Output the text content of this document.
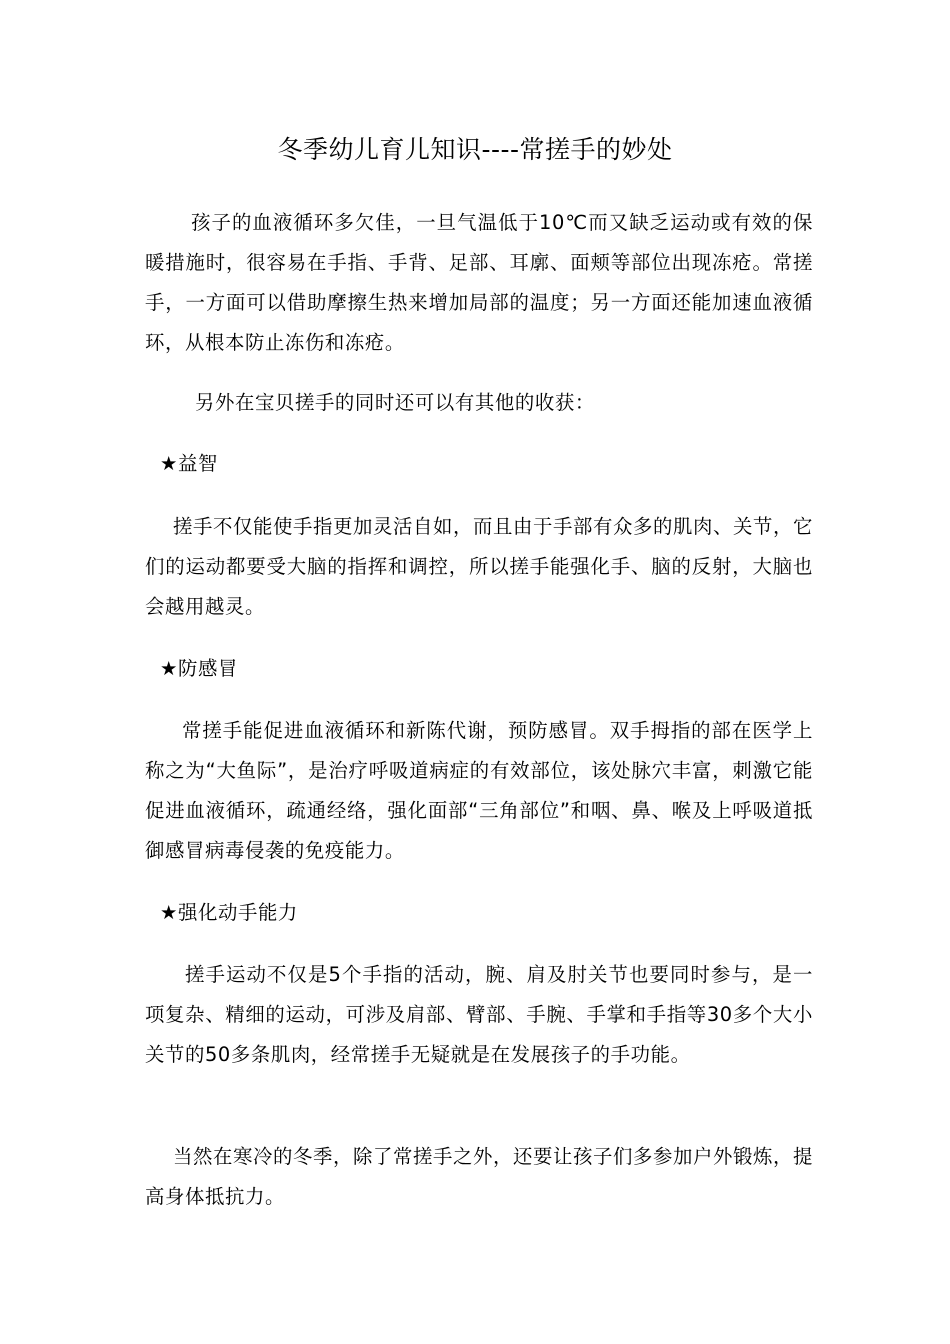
冬季幼儿育儿知识----常搓手的妙处

孩子的血液循环多欠佳，一旦气温低于10℃而又缺乏运动或有效的保暖措施时，很容易在手指、手背、足部、耳廓、面颊等部位出现冻疮。常搓手，一方面可以借助摩擦生热来增加局部的温度；另一方面还能加速血液循环，从根本防止冻伤和冻疮。

另外在宝贝搓手的同时还可以有其他的收获：

★益智

搓手不仅能使手指更加灵活自如，而且由于手部有众多的肌肉、关节，它们的运动都要受大脑的指挥和调控，所以搓手能强化手、脑的反射，大脑也会越用越灵。

★防感冒

常搓手能促进血液循环和新陈代谢，预防感冒。双手拇指的部在医学上称之为“大鱼际”，是治疗呼吸道病症的有效部位，该处脉穴丰富，刺激它能促进血液循环，疏通经络，强化面部“三角部位”和咽、鼻、喉及上呼吸道抵御感冒病毒侵袭的免疫能力。

★强化动手能力

搓手运动不仅是5个手指的活动，腕、肩及肘关节也要同时参与，是一项复杂、精细的运动，可涉及肩部、臂部、手腕、手掌和手指等30多个大小关节的50多条肌肉，经常搓手无疑就是在发展孩子的手功能。

当然在寒冷的冬季，除了常搓手之外，还要让孩子们多参加户外锻炼，提高身体抵抗力。
